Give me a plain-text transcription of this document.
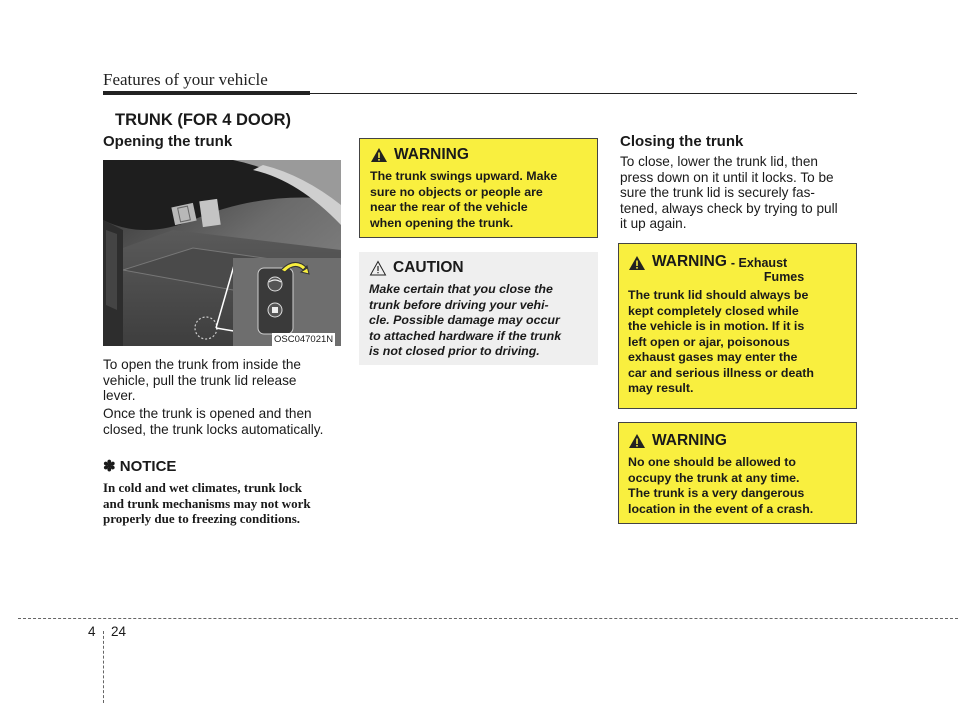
Features of your vehicle
TRUNK (FOR 4 DOOR)
Opening the trunk
OSC047021N
To open the trunk from inside the
vehicle, pull the trunk lid release
lever.
Once the trunk is opened and then
closed, the trunk locks automatically.
✽ NOTICE
In cold and wet climates, trunk lock
and trunk mechanisms may not work
properly due to freezing conditions.
WARNING
The trunk swings upward. Make
sure no objects or people are
near the rear of the vehicle
when opening the trunk.
CAUTION
Make certain that you close the
trunk before driving your vehi-
cle. Possible damage may occur
to attached hardware if the trunk
is not closed prior to driving.
Closing the trunk
To close, lower the trunk lid, then
press down on it until it locks. To be
sure the trunk lid is securely fas-
tened, always check by trying to pull
it up again.
WARNING - Exhaust
Fumes
The trunk lid should always be
kept completely closed while
the vehicle is in motion. If it is
left open or ajar, poisonous
exhaust gases may enter the
car and serious illness or death
may result.
WARNING
No one should be allowed to
occupy the trunk at any time.
The trunk is a very dangerous
location in the event of a crash.
4 24
